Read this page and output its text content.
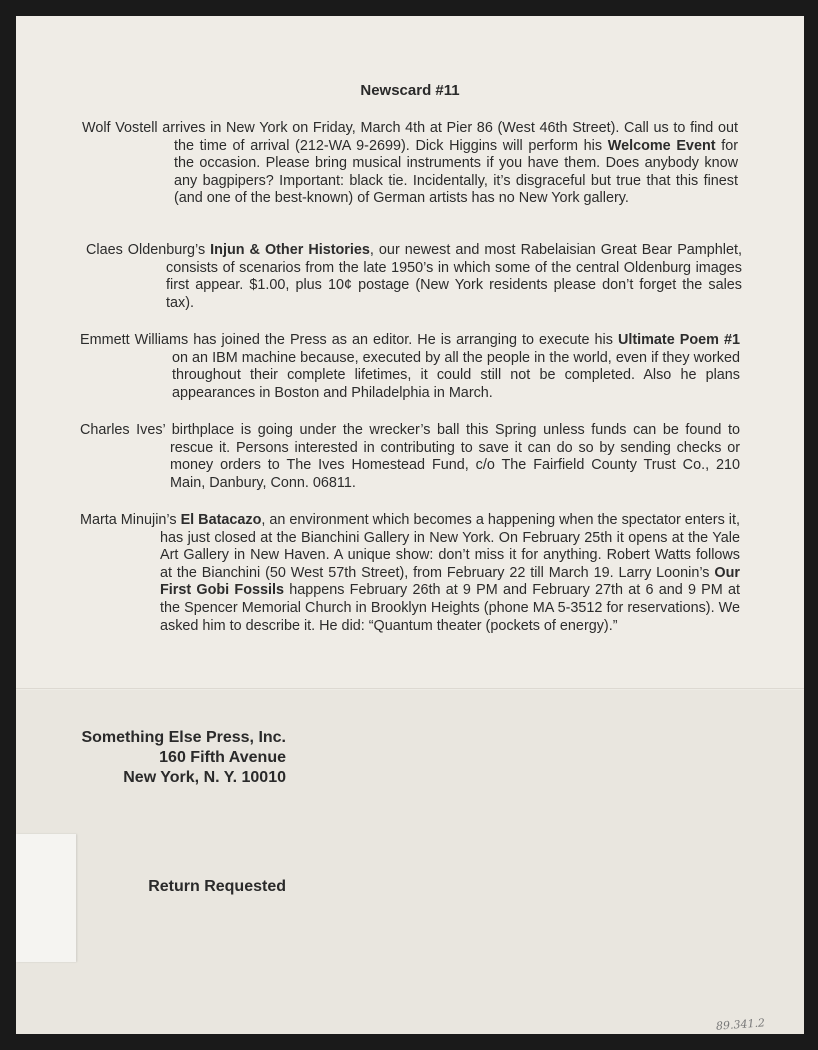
Newscard #11
Wolf Vostell arrives in New York on Friday, March 4th at Pier 86 (West 46th Street). Call us to find out the time of arrival (212-WA 9-2699). Dick Higgins will perform his Welcome Event for the occasion. Please bring musical instruments if you have them. Does anybody know any bagpipers? Important: black tie. Incidentally, it’s disgraceful but true that this finest (and one of the best-known) of German artists has no New York gallery.
Claes Oldenburg’s Injun & Other Histories, our newest and most Rabelaisian Great Bear Pamphlet, consists of scenarios from the late 1950’s in which some of the central Oldenburg images first appear. $1.00, plus 10¢ postage (New York residents please don’t forget the sales tax).
Emmett Williams has joined the Press as an editor. He is arranging to execute his Ultimate Poem #1 on an IBM machine because, executed by all the people in the world, even if they worked throughout their complete lifetimes, it could still not be completed. Also he plans appearances in Boston and Philadelphia in March.
Charles Ives’ birthplace is going under the wrecker’s ball this Spring unless funds can be found to rescue it. Persons interested in contributing to save it can do so by sending checks or money orders to The Ives Homestead Fund, c/o The Fairfield County Trust Co., 210 Main, Danbury, Conn. 06811.
Marta Minujin’s El Batacazo, an environment which becomes a happening when the spectator enters it, has just closed at the Bianchini Gallery in New York. On February 25th it opens at the Yale Art Gallery in New Haven. A unique show: don’t miss it for anything. Robert Watts follows at the Bianchini (50 West 57th Street), from February 22 till March 19. Larry Loonin’s Our First Gobi Fossils happens February 26th at 9 PM and February 27th at 6 and 9 PM at the Spencer Memorial Church in Brooklyn Heights (phone MA 5-3512 for reservations). We asked him to describe it. He did: “Quantum theater (pockets of energy).”
Something Else Press, Inc.
160 Fifth Avenue
New York, N. Y. 10010
Return Requested
89.341.2
